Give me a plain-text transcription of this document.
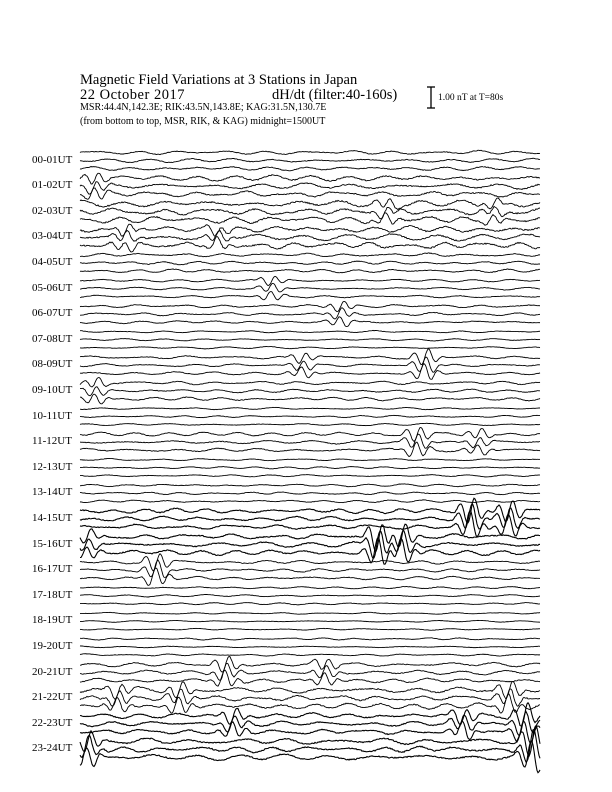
Magnetic Field Variations at 3 Stations in Japan
22 October 2017	dH/dt (filter:40-160s)
MSR:44.4N,142.3E; RIK:43.5N,143.8E; KAG:31.5N,130.7E
(from bottom to top, MSR, RIK, & KAG) midnight=1500UT
1.00 nT at T=80s
00-01UT
01-02UT
02-03UT
03-04UT
04-05UT
05-06UT
06-07UT
07-08UT
08-09UT
09-10UT
10-11UT
11-12UT
12-13UT
13-14UT
14-15UT
15-16UT
16-17UT
17-18UT
18-19UT
19-20UT
20-21UT
21-22UT
22-23UT
23-24UT
